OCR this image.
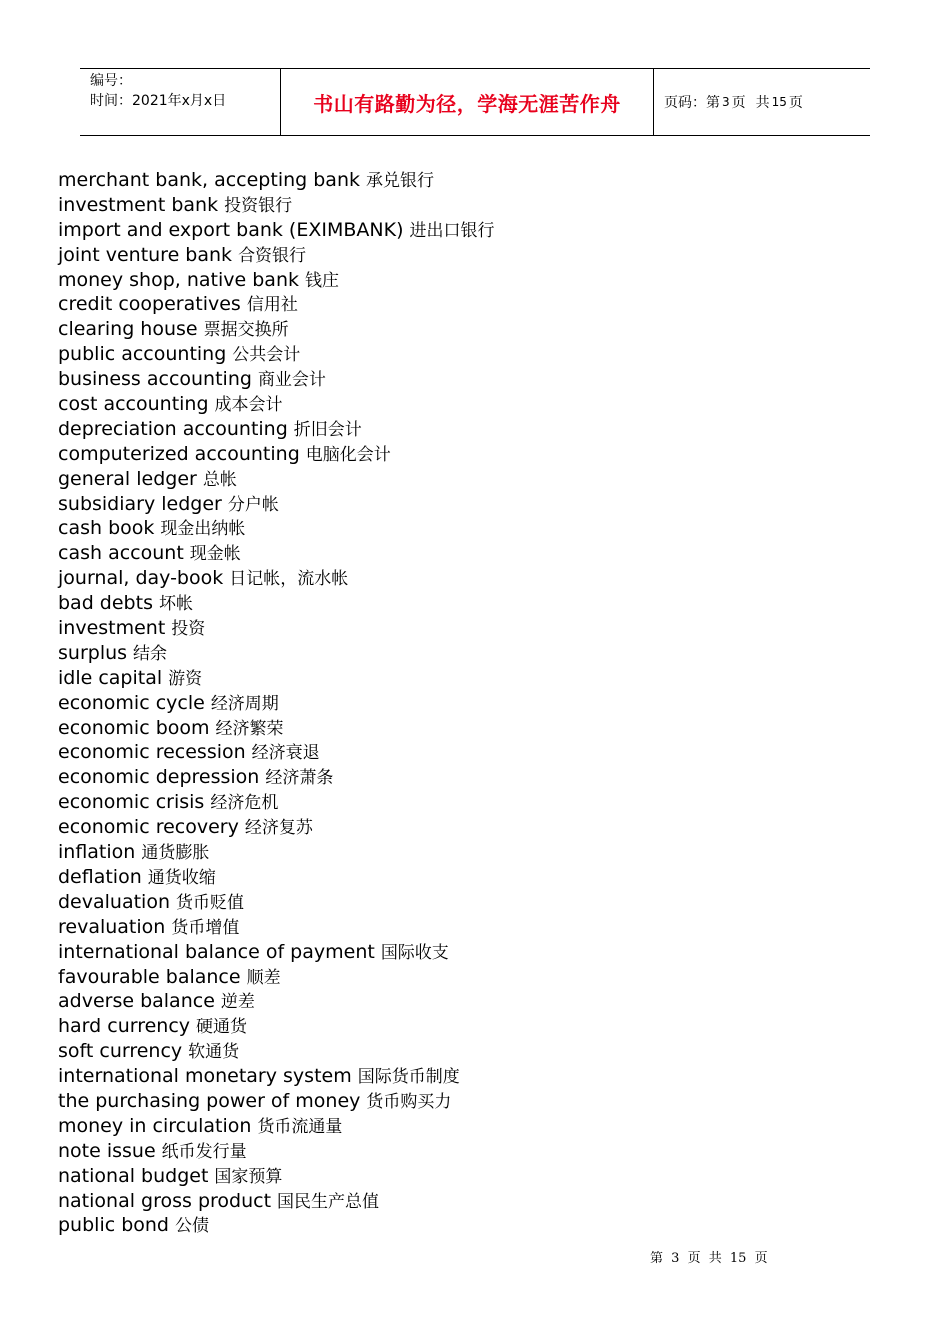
编号：
时间：2021年x月x日	书山有路勤为径，学海无涯苦作舟	页码：第 3 页 共 15 页
merchant bank, accepting bank 承兑银行
investment bank 投资银行
import and export bank (EXIMBANK) 进出口银行
joint venture bank 合资银行
money shop, native bank 钱庄
credit cooperatives 信用社
clearing house 票据交换所
public accounting 公共会计
business accounting 商业会计
cost accounting 成本会计
depreciation accounting 折旧会计
computerized accounting 电脑化会计
general ledger 总帐
subsidiary ledger 分户帐
cash book 现金出纳帐
cash account 现金帐
journal, day-book 日记帐，流水帐
bad debts 坏帐
investment 投资
surplus 结余
idle capital 游资
economic cycle 经济周期
economic boom 经济繁荣
economic recession 经济衰退
economic depression 经济萧条
economic crisis 经济危机
economic recovery 经济复苏
inflation 通货膨胀
deflation 通货收缩
devaluation 货币贬值
revaluation 货币增值
international balance of payment 国际收支
favourable balance 顺差
adverse balance 逆差
hard currency 硬通货
soft currency 软通货
international monetary system 国际货币制度
the purchasing power of money 货币购买力
money in circulation 货币流通量
note issue 纸币发行量
national budget 国家预算
national gross product 国民生产总值
public bond 公债
第 3 页 共 15 页
